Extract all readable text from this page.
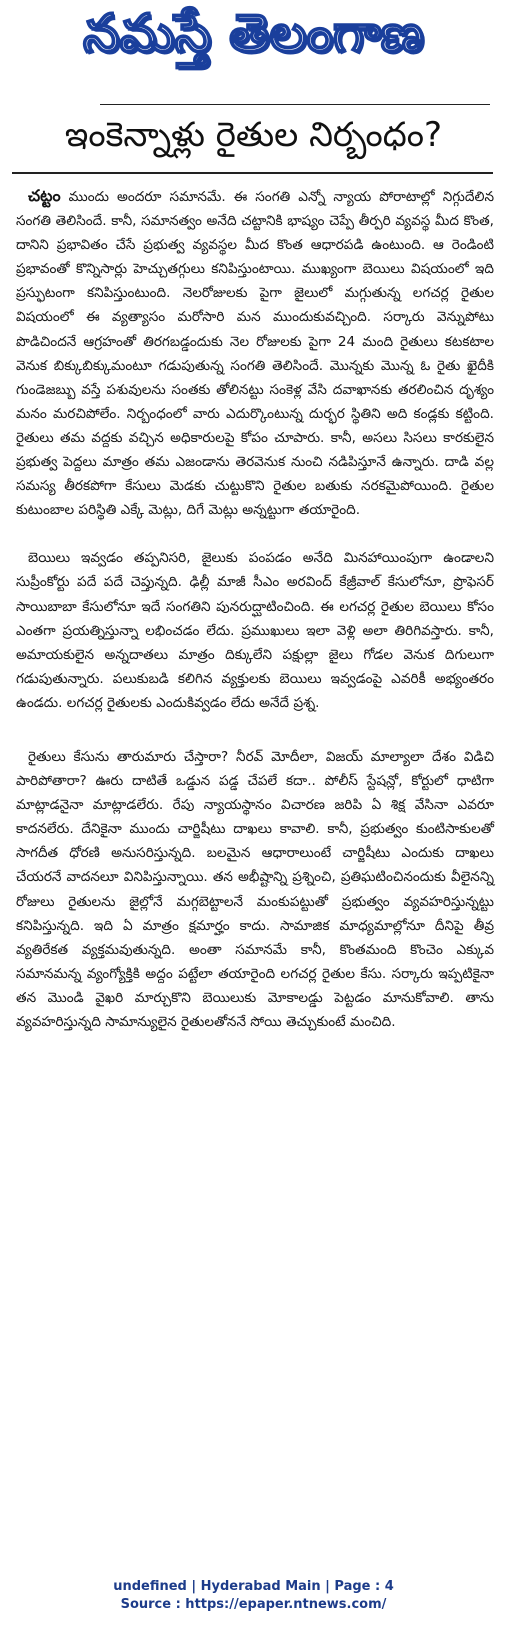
నమస్తే తెలంగాణ
ఇంకెన్నాళ్లు రైతుల నిర్బంధం?

చట్టం ముందు అందరూ సమానమే. ఈ సంగతి ఎన్నో న్యాయ పోరాటాల్లో నిగ్గుదేలిన సంగతి తెలిసిందే. కానీ, సమానత్వం అనేది చట్టానికి భాష్యం చెప్పే తీర్పరి వ్యవస్థ మీద కొంత, దానిని ప్రభావితం చేసే ప్రభుత్వ వ్యవస్థల మీద కొంత ఆధారపడి ఉంటుంది. ఆ రెండింటి ప్రభావంతో కొన్నిసార్లు హెచ్చుతగ్గులు కనిపిస్తుంటాయి. ముఖ్యంగా బెయిలు విషయంలో ఇది ప్రస్ఫుటంగా కనిపిస్తుంటుంది. నెలరోజులకు పైగా జైలులో మగ్గుతున్న లగచర్ల రైతుల విషయంలో ఈ వ్యత్యాసం మరోసారి మన ముందుకువచ్చింది. సర్కారు వెన్నుపోటు పొడిచిందనే ఆగ్రహంతో తిరగబడ్డందుకు నెల రోజులకు పైగా 24 మంది రైతులు కటకటాల వెనుక బిక్కుబిక్కుమంటూ గడుపుతున్న సంగతి తెలిసిందే. మొన్నకు మొన్న ఓ రైతు ఖైదీకి గుండెజబ్బు వస్తే పశువులను సంతకు తోలినట్టు సంకెళ్ల వేసి దవాఖానకు తరలించిన దృశ్యం మనం మరచిపోలేం. నిర్బంధంలో వారు ఎదుర్కొంటున్న దుర్భర స్థితిని అది కండ్లకు కట్టింది. రైతులు తమ వద్దకు వచ్చిన అధికారులపై కోపం చూపారు. కానీ, అసలు సిసలు కారకులైన ప్రభుత్వ పెద్దలు మాత్రం తమ ఎజండాను తెరవెనుక నుంచి నడిపిస్తూనే ఉన్నారు. దాడి వల్ల సమస్య తీరకపోగా కేసులు మెడకు చుట్టుకొని రైతుల బతుకు నరకమైపోయింది. రైతుల కుటుంబాల పరిస్థితి ఎక్కే మెట్లు, దిగే మెట్లు అన్నట్టుగా తయారైంది.

బెయిలు ఇవ్వడం తప్పనిసరి, జైలుకు పంపడం అనేది మినహాయింపుగా ఉండాలని సుప్రీంకోర్టు పదే పదే చెప్తున్నది. ఢిల్లీ మాజీ సీఎం అరవింద్ కేజ్రీవాల్ కేసులోనూ, ప్రొఫెసర్ సాయిబాబా కేసులోనూ ఇదే సంగతిని పునరుద్ఘాటించింది. ఈ లగచర్ల రైతుల బెయిలు కోసం ఎంతగా ప్రయత్నిస్తున్నా లభించడం లేదు. ప్రముఖులు ఇలా వెళ్లి అలా తిరిగివస్తారు. కానీ, అమాయకులైన అన్నదాతలు మాత్రం దిక్కులేని పక్షుల్లా జైలు గోడల వెనుక దిగులుగా గడుపుతున్నారు. పలుకుబడి కలిగిన వ్యక్తులకు బెయిలు ఇవ్వడంపై ఎవరికీ అభ్యంతరం ఉండదు. లగచర్ల రైతులకు ఎందుకివ్వడం లేదు అనేదే ప్రశ్న.

రైతులు కేసును తారుమారు చేస్తారా? నీరవ్ మోదీలా, విజయ్ మాల్యాలా దేశం విడిచి పారిపోతారా? ఊరు దాటితే ఒడ్డున పడ్డ చేపలే కదా.. పోలీస్ స్టేషన్లో, కోర్టులో ధాటిగా మాట్లాడనైనా మాట్లాడలేరు. రేపు న్యాయస్థానం విచారణ జరిపి ఏ శిక్ష వేసినా ఎవరూ కాదనలేరు. దేనికైనా ముందు చార్జిషీటు దాఖలు కావాలి. కానీ, ప్రభుత్వం కుంటిసాకులతో సాగదీత ధోరణి అనుసరిస్తున్నది. బలమైన ఆధారాలుంటే చార్జిషీటు ఎందుకు దాఖలు చేయరనే వాదనలూ వినిపిస్తున్నాయి. తన అభీష్టాన్ని ప్రశ్నించి, ప్రతిఘటించినందుకు వీలైనన్ని రోజులు రైతులను జైల్లోనే మగ్గబెట్టాలనే మంకుపట్టుతో ప్రభుత్వం వ్యవహరిస్తున్నట్టు కనిపిస్తున్నది. ఇది ఏ మాత్రం క్షమార్హం కాదు. సామాజిక మాధ్యమాల్లోనూ దీనిపై తీవ్ర వ్యతిరేకత వ్యక్తమవుతున్నది. అంతా సమానమే కానీ, కొంతమంది కొంచెం ఎక్కువ సమానమన్న వ్యంగ్యోక్తికి అద్దం పట్టేలా తయారైంది లగచర్ల రైతుల కేసు. సర్కారు ఇప్పటికైనా తన మొండి వైఖరి మార్చుకొని బెయిలుకు మోకాలడ్డు పెట్టడం మానుకోవాలి. తాను వ్యవహరిస్తున్నది సామాన్యులైన రైతులతోననే సోయి తెచ్చుకుంటే మంచిది.

undefined | Hyderabad Main | Page : 4
Source : https://epaper.ntnews.com/
